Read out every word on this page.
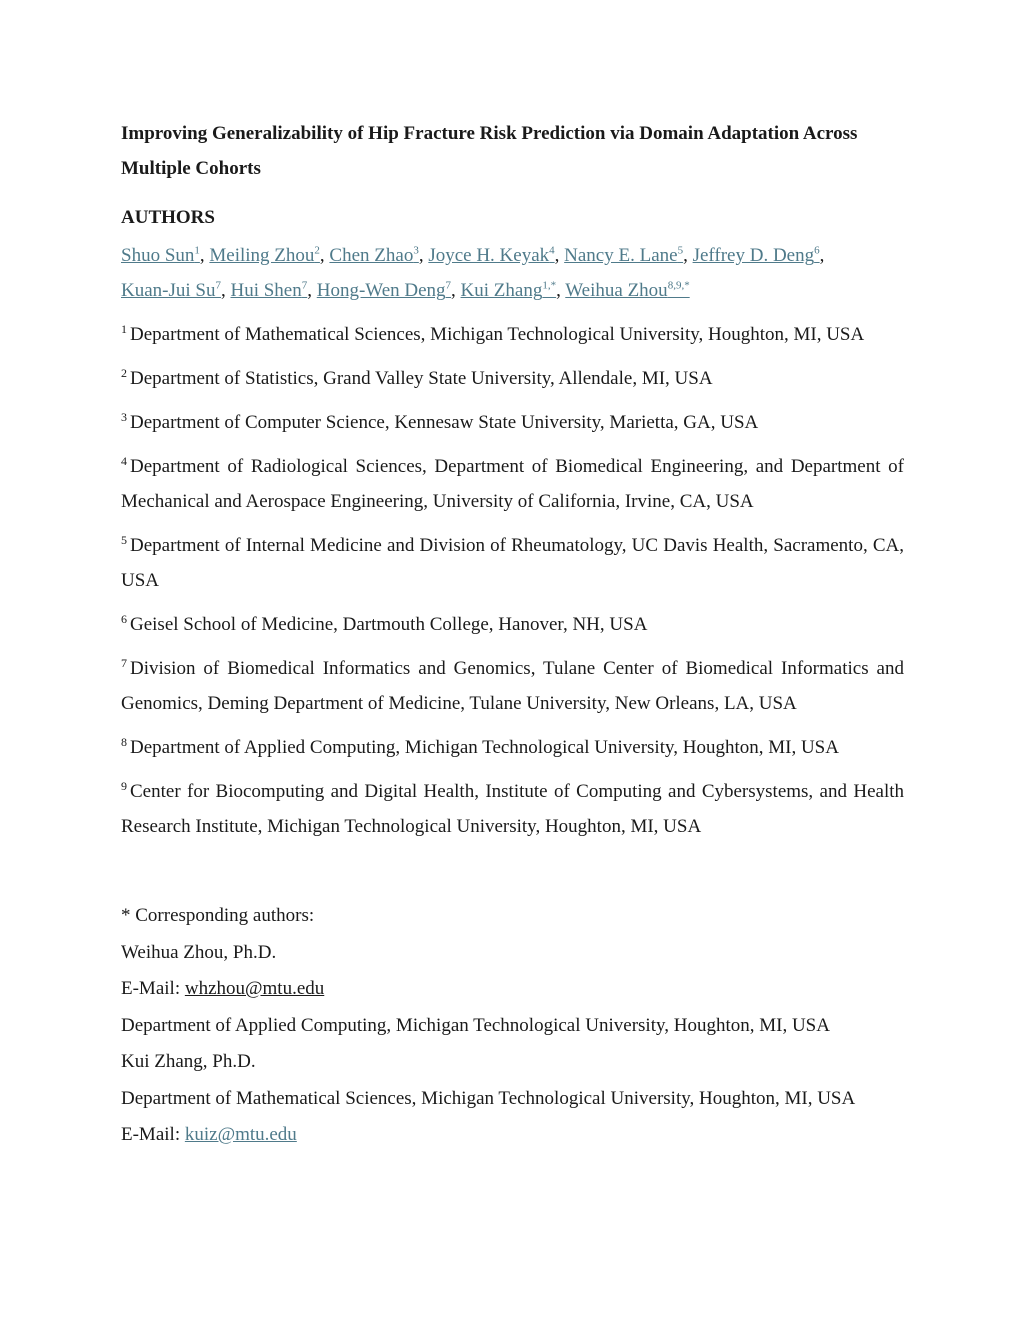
Improving Generalizability of Hip Fracture Risk Prediction via Domain Adaptation Across
Multiple Cohorts

AUTHORS

Shuo Sun$^1$, Meiling Zhou$^2$, Chen Zhao$^3$, Joyce H. Keyak$^4$, Nancy E. Lane$^5$, Jeffrey D. Deng$^6$,
Kuan-Jui Su$^7$, Hui Shen$^7$, Hong-Wen Deng$^7$, Kui Zhang$^{1,*}$, Weihua Zhou$^{8,9,*}$

$^1$ Department of Mathematical Sciences, Michigan Technological University, Houghton, MI, USA

$^2$ Department of Statistics, Grand Valley State University, Allendale, MI, USA

$^3$ Department of Computer Science, Kennesaw State University, Marietta, GA, USA

$^4$ Department of Radiological Sciences, Department of Biomedical Engineering, and Department of Mechanical and Aerospace Engineering, University of California, Irvine, CA, USA

$^5$ Department of Internal Medicine and Division of Rheumatology, UC Davis Health, Sacramento, CA, USA

$^6$ Geisel School of Medicine, Dartmouth College, Hanover, NH, USA

$^7$ Division of Biomedical Informatics and Genomics, Tulane Center of Biomedical Informatics and Genomics, Deming Department of Medicine, Tulane University, New Orleans, LA, USA

$^8$ Department of Applied Computing, Michigan Technological University, Houghton, MI, USA

$^9$ Center for Biocomputing and Digital Health, Institute of Computing and Cybersystems, and Health Research Institute, Michigan Technological University, Houghton, MI, USA

* Corresponding authors:

Weihua Zhou, Ph.D.

E-Mail: whzhou@mtu.edu

Department of Applied Computing, Michigan Technological University, Houghton, MI, USA

Kui Zhang, Ph.D.

Department of Mathematical Sciences, Michigan Technological University, Houghton, MI, USA

E-Mail: kuiz@mtu.edu
